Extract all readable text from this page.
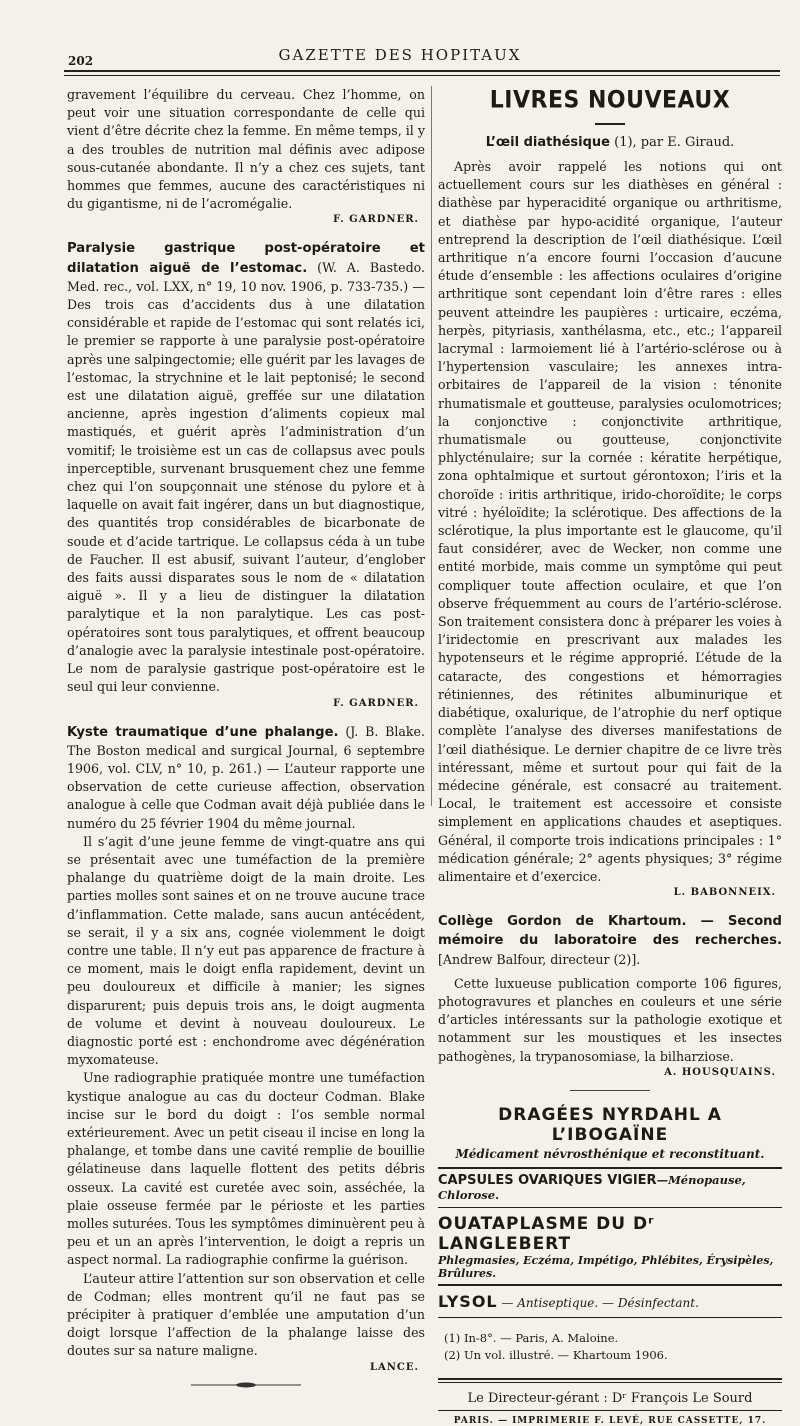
202	GAZETTE DES HOPITAUX

gravement l’équilibre du cerveau. Chez l’homme, on peut voir une situation correspondante de celle qui vient d’être décrite chez la femme. En même temps, il y a des troubles de nutrition mal définis avec adipose sous-cutanée abondante. Il n’y a chez ces sujets, tant hommes que femmes, aucune des caractéristiques ni du gigantisme, ni de l’acromégalie.

F. GARDNER.

Paralysie gastrique post-opératoire et dilatation aiguë de l’estomac. (W. A. Bastedo. Med. rec., vol. LXX, n° 19, 10 nov. 1906, p. 733-735.) — Des trois cas d’accidents dus à une dilatation considérable et rapide de l’estomac qui sont relatés ici, le premier se rapporte à une paralysie post-opératoire après une salpingectomie; elle guérit par les lavages de l’estomac, la strychnine et le lait peptonisé; le second est une dilatation aiguë, greffée sur une dilatation ancienne, après ingestion d’aliments copieux mal mastiqués, et guérit après l’administration d’un vomitif; le troisième est un cas de collapsus avec pouls inperceptible, survenant brusquement chez une femme chez qui l’on soupçonnait une sténose du pylore et à laquelle on avait fait ingérer, dans un but diagnostique, des quantités trop considérables de bicarbonate de soude et d’acide tartrique. Le collapsus céda à un tube de Faucher. Il est abusif, suivant l’auteur, d’englober des faits aussi disparates sous le nom de « dilatation aiguë ». Il y a lieu de distinguer la dilatation paralytique et la non paralytique. Les cas post-opératoires sont tous paralytiques, et offrent beaucoup d’analogie avec la paralysie intestinale post-opératoire. Le nom de paralysie gastrique post-opératoire est le seul qui leur convienne.

F. GARDNER.

Kyste traumatique d’une phalange. (J. B. Blake. The Boston medical and surgical Journal, 6 septembre 1906, vol. CLV, n° 10, p. 261.) — L’auteur rapporte une observation de cette curieuse affection, observation analogue à celle que Codman avait déjà publiée dans le numéro du 25 février 1904 du même journal.

Il s’agit d’une jeune femme de vingt-quatre ans qui se présentait avec une tuméfaction de la première phalange du quatrième doigt de la main droite. Les parties molles sont saines et on ne trouve aucune trace d’inflammation. Cette malade, sans aucun antécédent, se serait, il y a six ans, cognée violemment le doigt contre une table. Il n’y eut pas apparence de fracture à ce moment, mais le doigt enfla rapidement, devint un peu douloureux et difficile à manier; les signes disparurent; puis depuis trois ans, le doigt augmenta de volume et devint à nouveau douloureux. Le diagnostic porté est : enchondrome avec dégénération myxomateuse.

Une radiographie pratiquée montre une tuméfaction kystique analogue au cas du docteur Codman. Blake incise sur le bord du doigt : l’os semble normal extérieurement. Avec un petit ciseau il incise en long la phalange, et tombe dans une cavité remplie de bouillie gélatineuse dans laquelle flottent des petits débris osseux. La cavité est curetée avec soin, asséchée, la plaie osseuse fermée par le périoste et les parties molles suturées. Tous les symptômes diminuèrent peu à peu et un an après l’intervention, le doigt a repris un aspect normal. La radiographie confirme la guérison.

L’auteur attire l’attention sur son observation et celle de Codman; elles montrent qu’il ne faut pas se précipiter à pratiquer d’emblée une amputation d’un doigt lorsque l’affection de la phalange laisse des doutes sur sa nature maligne.

LANCE.
LIVRES NOUVEAUX
L’œil diathésique (1), par E. Giraud.

Après avoir rappelé les notions qui ont actuellement cours sur les diathèses en général : diathèse par hyperacidité organique ou arthritisme, et diathèse par hypo-acidité organique, l’auteur entreprend la description de l’œil diathésique. L’œil arthritique n’a encore fourni l’occasion d’aucune étude d’ensemble : les affections oculaires d’origine arthritique sont cependant loin d’être rares : elles peuvent atteindre les paupières : urticaire, eczéma, herpès, pityriasis, xanthélasma, etc., etc.; l’appareil lacrymal : larmoiement lié à l’artério-sclérose ou à l’hypertension vasculaire; les annexes intra-orbitaires de l’appareil de la vision : ténonite rhumatismale et goutteuse, paralysies oculomotrices; la conjonctive : conjonctivite arthritique, rhumatismale ou goutteuse, conjonctivite phlycténulaire; sur la cornée : kératite herpétique, zona ophtalmique et surtout gérontoxon; l’iris et la choroïde : iritis arthritique, irido-choroïdite; le corps vitré : hyéloïdite; la sclérotique. Des affections de la sclérotique, la plus importante est le glaucome, qu’il faut considérer, avec de Wecker, non comme une entité morbide, mais comme un symptôme qui peut compliquer toute affection oculaire, et que l’on observe fréquemment au cours de l’artério-sclérose. Son traitement consistera donc à préparer les voies à l’iridectomie en prescrivant aux malades les hypotenseurs et le régime approprié. L’étude de la cataracte, des congestions et hémorragies rétiniennes, des rétinites albuminurique et diabétique, oxalurique, de l’atrophie du nerf optique complète l’analyse des diverses manifestations de l’œil diathésique. Le dernier chapitre de ce livre très intéressant, même et surtout pour qui fait de la médecine générale, est consacré au traitement. Local, le traitement est accessoire et consiste simplement en applications chaudes et aseptiques. Général, il comporte trois indications principales : 1° médication générale; 2° agents physiques; 3° régime alimentaire et d’exercice.

L. BABONNEIX.

Collège Gordon de Khartoum. — Second mémoire du laboratoire des recherches. [Andrew Balfour, directeur (2)].

Cette luxueuse publication comporte 106 figures, photogravures et planches en couleurs et une série d’articles intéressants sur la pathologie exotique et notamment sur les moustiques et les insectes pathogènes, la trypanosomiase, la bilharziose.

A. HOUSQUAINS.
DRAGÉES NYRDAHL A L’IBOGAÏNE
Médicament névrosthénique et reconstituant.
CAPSULES OVARIQUES VIGIER—Ménopause, Chlorose.
OUATAPLASME DU Dʳ LANGLEBERT
Phlegmasies, Eczéma, Impétigo, Phlébites, Érysipèles, Brûlures.
LYSOL — Antiseptique. — Désinfectant.
(1) In-8°. — Paris, A. Maloine.
(2) Un vol. illustré. — Khartoum 1906.
Le Directeur-gérant : Dʳ François Le Sourd
PARIS. — IMPRIMERIE F. LEVÉ, RUE CASSETTE, 17.
